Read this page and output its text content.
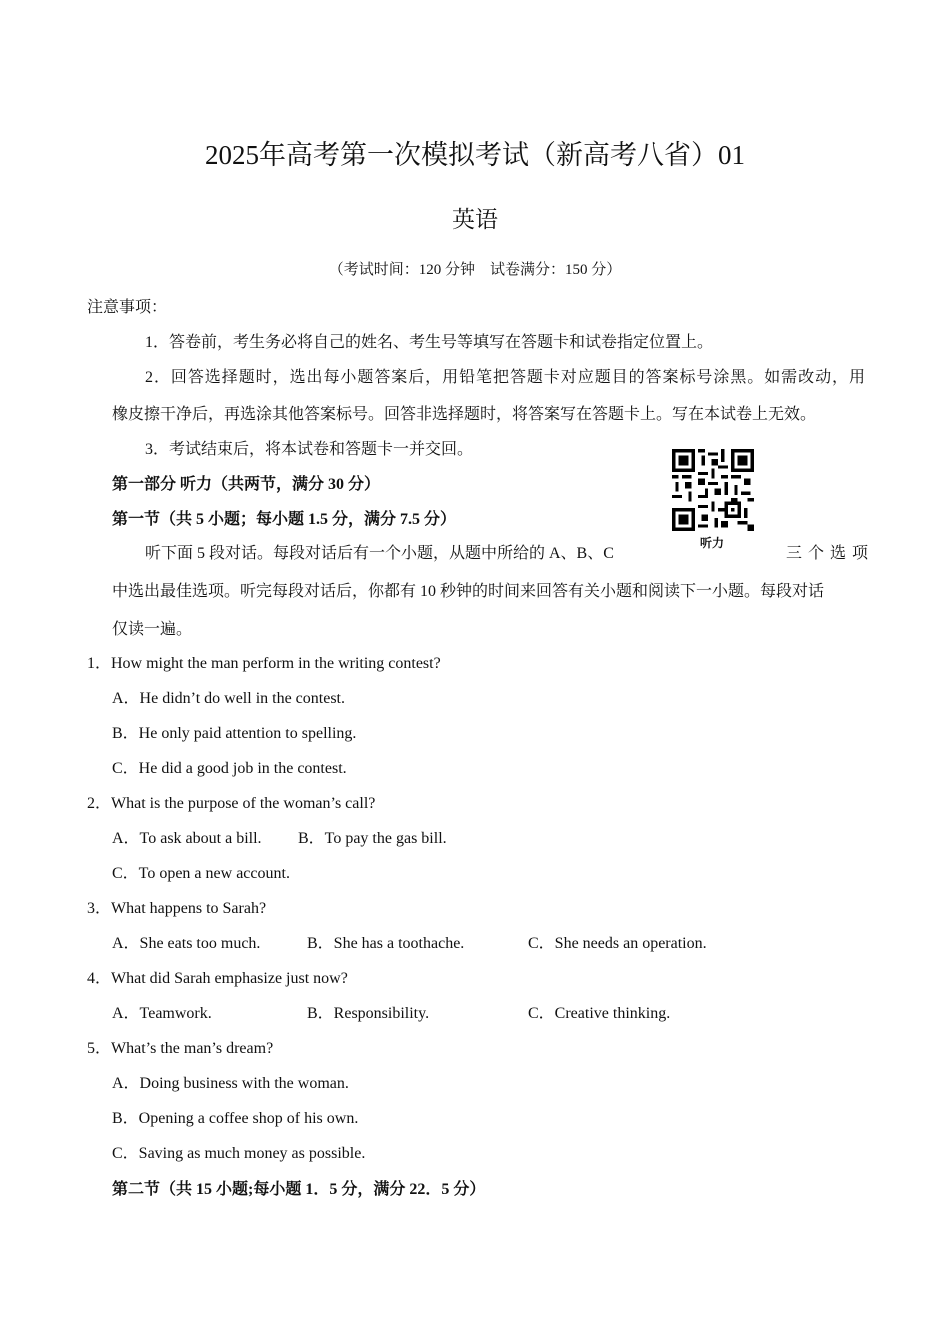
2025年高考第一次模拟考试（新高考八省）01
英语
（考试时间：120 分钟　试卷满分：150 分）
注意事项：
1．答卷前，考生务必将自己的姓名、考生号等填写在答题卡和试卷指定位置上。
2．回答选择题时，选出每小题答案后，用铅笔把答题卡对应题目的答案标号涂黑。如需改动，用
橡皮擦干净后，再选涂其他答案标号。回答非选择题时，将答案写在答题卡上。写在本试卷上无效。
3．考试结束后，将本试卷和答题卡一并交回。
第一部分 听力（共两节，满分 30 分）
第一节（共 5 小题；每小题 1.5 分，满分 7.5 分）
听力
听下面 5 段对话。每段对话后有一个小题，从题中所给的 A、B、C	三个选项
中选出最佳选项。听完每段对话后，你都有 10 秒钟的时间来回答有关小题和阅读下一小题。每段对话
仅读一遍。
1．How might the man perform in the writing contest?
A．He didn’t do well in the contest.
B．He only paid attention to spelling.
C．He did a good job in the contest.
2．What is the purpose of the woman’s call?
A．To ask about a bill. B．To pay the gas bill.
C．To open a new account.
3．What happens to Sarah?
A．She eats too much.	B．She has a toothache.	C．She needs an operation.
4．What did Sarah emphasize just now?
A．Teamwork.	B．Responsibility.	C．Creative thinking.
5．What’s the man’s dream?
A．Doing business with the woman.
B．Opening a coffee shop of his own.
C．Saving as much money as possible.
第二节（共 15 小题;每小题 1．5 分，满分 22．5 分）
